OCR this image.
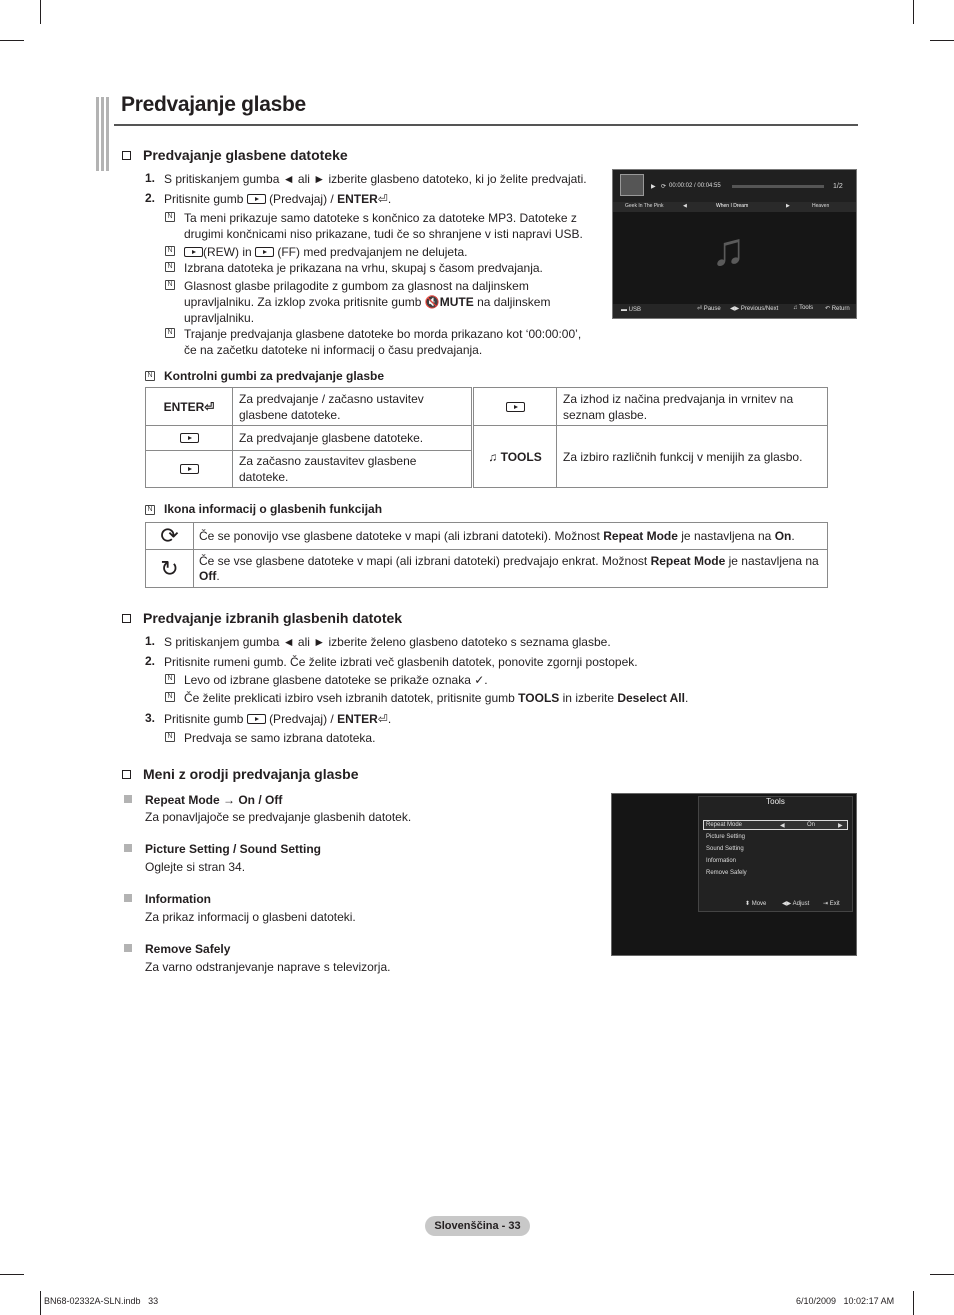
Predvajanje glasbe
Predvajanje glasbene datoteke
1. S pritiskanjem gumba ◄ ali ► izberite glasbeno datoteko, ki jo želite predvajati.
2. Pritisnite gumb (Predvajaj) / ENTER⏎.
N Ta meni prikazuje samo datoteke s končnico za datoteke MP3. Datoteke z drugimi končnicami niso prikazane, tudi če so shranjene v isti napravi USB.
N	(REW) in (FF) med predvajanjem ne delujeta.
N Izbrana datoteka je prikazana na vrhu, skupaj s časom predvajanja.
N Glasnost glasbe prilagodite z gumbom za glasnost na daljinskem upravljalniku. Za izklop zvoka pritisnite gumb 🔇MUTE na daljinskem upravljalniku.
N Trajanje predvajanja glasbene datoteke bo morda prikazano kot ‘00:00:00’, če na začetku datoteke ni informacij o času predvajanja.
▶ ⟳ 00:00:02 / 00:04:55	1/2
Geek In The Pink	◀	When I Dream	▶	Heaven
♫
▬ USB	⏎ Pause ◀▶ Previous/Next ♫ Tools ↶ Return
N Kontrolni gumbi za predvajanje glasbe
ENTER⏎	Za predvajanje / začasno ustavitev glasbene datoteke.		Za izhod iz načina predvajanja in vrnitev na seznam glasbe.
	Za predvajanje glasbene datoteke.	♫ TOOLS	Za izbiro različnih funkcij v menijih za glasbo.
	Za začasno zaustavitev glasbene datoteke.		
N Ikona informacij o glasbenih funkcijah
⟳	Če se ponovijo vse glasbene datoteke v mapi (ali izbrani datoteki). Možnost Repeat Mode je nastavljena na On.
↻	Če se vse glasbene datoteke v mapi (ali izbrani datoteki) predvajajo enkrat. Možnost Repeat Mode je nastavljena na Off.
Predvajanje izbranih glasbenih datotek
1. S pritiskanjem gumba ◄ ali ► izberite želeno glasbeno datoteko s seznama glasbe.
2. Pritisnite rumeni gumb. Če želite izbrati več glasbenih datotek, ponovite zgornji postopek.
N Levo od izbrane glasbene datoteke se prikaže oznaka ✓.
N Če želite preklicati izbiro vseh izbranih datotek, pritisnite gumb TOOLS in izberite Deselect All.
3. Pritisnite gumb (Predvajaj) / ENTER⏎.
N Predvaja se samo izbrana datoteka.
Meni z orodji predvajanja glasbe
Repeat Mode → On / Off
Za ponavljajoče se predvajanje glasbenih datotek.
Picture Setting / Sound Setting
Oglejte si stran 34.
Information
Za prikaz informacij o glasbeni datoteki.
Remove Safely
Za varno odstranjevanje naprave s televizorja.
Tools
Repeat Mode	◀	On	▶
Picture Setting
Sound Setting
Information
Remove Safely
⬍ Move	◀▶ Adjust ⇥ Exit
Slovenščina - 33
BN68-02332A-SLN.indb   33	6/10/2009   10:02:17 AM
